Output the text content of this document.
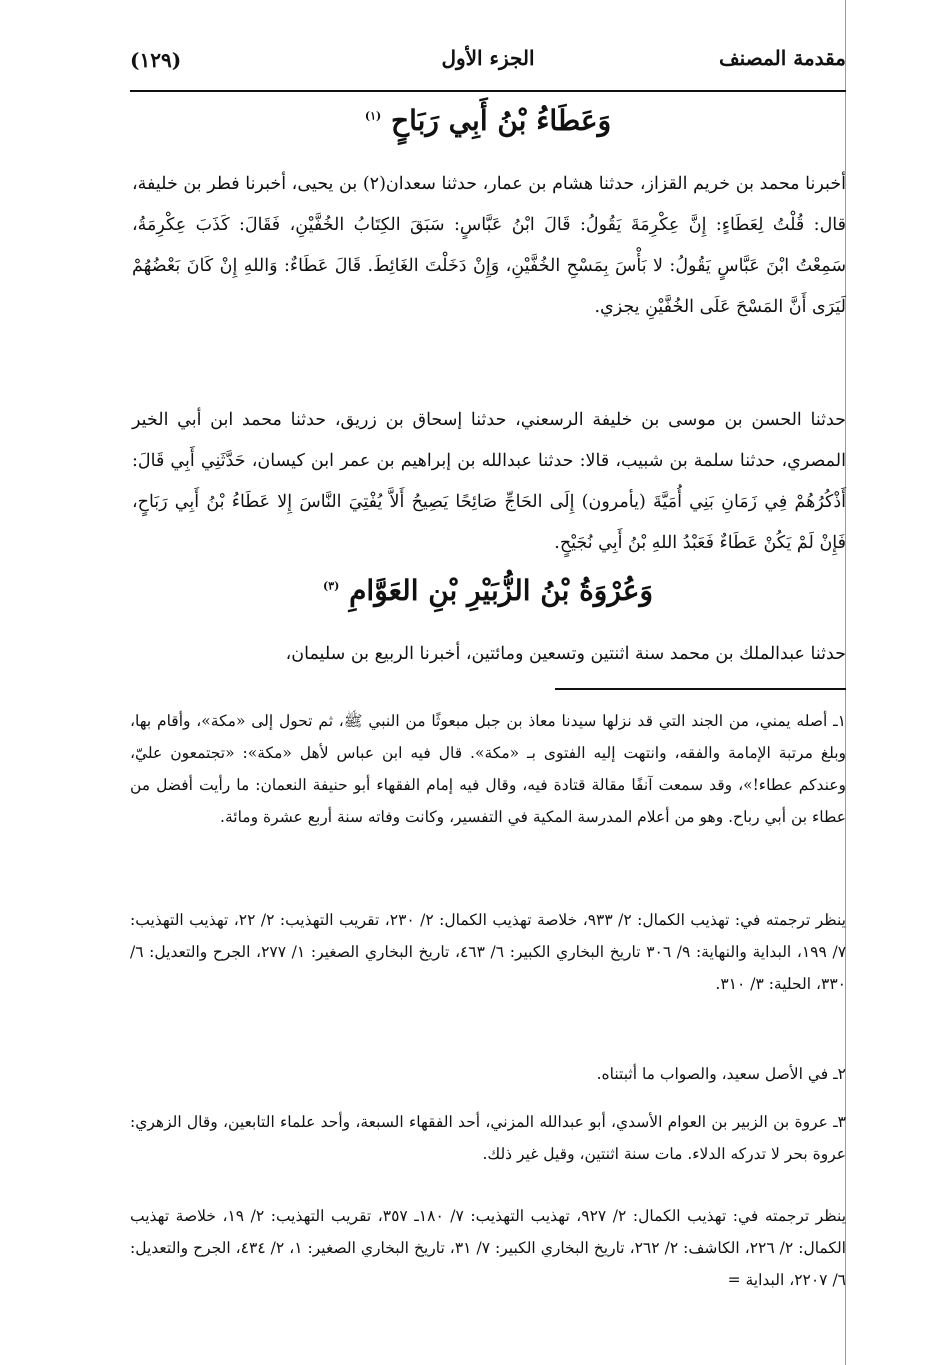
مقدمة المصنف
الجزء الأول
(١٢٩)
وَعَطَاءُ بْنُ أَبِي رَبَاحٍ $^{(١)}$
أخبرنا محمد بن خريم القزاز، حدثنا هشام بن عمار، حدثنا سعدان(٢) بن يحيى، أخبرنا فطر بن خليفة، قال: قُلْتُ لِعَطَاءٍ: إِنَّ عِكْرِمَةَ يَقُولُ: قَالَ ابْنُ عَبَّاسٍ: سَبَقَ الكِتَابُ الخُفَّيْنِ، فَقَالَ: كَذَبَ عِكْرِمَةُ، سَمِعْتُ ابْنَ عَبَّاسٍ يَقُولُ: لا بَأْسَ بِمَسْحِ الخُفَّيْنِ، وَإِنْ دَخَلْتَ الغَائِطَ. قَالَ عَطَاءٌ: وَاللهِ إِنْ كَانَ بَعْضُهُمْ لَيَرَى أَنَّ المَسْحَ عَلَى الخُفَّيْنِ يجزي.
حدثنا الحسن بن موسى بن خليفة الرسعني، حدثنا إسحاق بن زريق، حدثنا محمد ابن أبي الخير المصري، حدثنا سلمة بن شبيب، قالا: حدثنا عبدالله بن إبراهيم بن عمر ابن كيسان، حَدَّثَنِي أَبِي قَالَ: أَذْكُرُهُمْ فِي زَمَانِ بَنِي أُمَيَّةَ (يأمرون) إِلَى الحَاجِّ صَائِحًا يَصِيحُ أَلاَّ يُفْتِيَ النَّاسَ إِلا عَطَاءُ بْنُ أَبِي رَبَاحٍ، فَإِنْ لَمْ يَكُنْ عَطَاءٌ فَعَبْدُ اللهِ بْنُ أَبِي نُجَيْحٍ.
وَعُرْوَةُ بْنُ الزُّبَيْرِ بْنِ العَوَّامِ $^{(٣)}$
حدثنا عبدالملك بن محمد سنة اثنتين وتسعين ومائتين، أخبرنا الربيع بن سليمان،
١ـ أصله يمني، من الجند التي قد نزلها سيدنا معاذ بن جبل مبعوثًا من النبي ﷺ، ثم تحول إلى «مكة»، وأقام بها، وبلغ مرتبة الإمامة والفقه، وانتهت إليه الفتوى بـ «مكة». قال فيه ابن عباس لأهل «مكة»: «تجتمعون عليّ، وعندكم عطاء!»، وقد سمعت آنفًا مقالة قتادة فيه، وقال فيه إمام الفقهاء أبو حنيفة النعمان: ما رأيت أفضل من عطاء بن أبي رباح. وهو من أعلام المدرسة المكية في التفسير، وكانت وفاته سنة أربع عشرة ومائة.
ينظر ترجمته في: تهذيب الكمال: ٢/ ٩٣٣، خلاصة تهذيب الكمال: ٢/ ٢٣٠، تقريب التهذيب: ٢/ ٢٢، تهذيب التهذيب: ٧/ ١٩٩، البداية والنهاية: ٩/ ٣٠٦ تاريخ البخاري الكبير: ٦/ ٤٦٣، تاريخ البخاري الصغير: ١/ ٢٧٧، الجرح والتعديل: ٦/ ٣٣٠، الحلية: ٣/ ٣١٠.
٢ـ في الأصل سعيد، والصواب ما أثبتناه.
٣ـ عروة بن الزبير بن العوام الأسدي، أبو عبدالله المزني، أحد الفقهاء السبعة، وأحد علماء التابعين، وقال الزهري: عروة بحر لا تدركه الدلاء. مات سنة اثنتين، وقيل غير ذلك.
ينظر ترجمته في: تهذيب الكمال: ٢/ ٩٢٧، تهذيب التهذيب: ٧/ ١٨٠ـ ٣٥٧، تقريب التهذيب: ٢/ ١٩، خلاصة تهذيب الكمال: ٢/ ٢٢٦، الكاشف: ٢/ ٢٦٢، تاريخ البخاري الكبير: ٧/ ٣١، تاريخ البخاري الصغير: ١، ٢/ ٤٣٤، الجرح والتعديل: ٦/ ٢٢٠٧، البداية =
